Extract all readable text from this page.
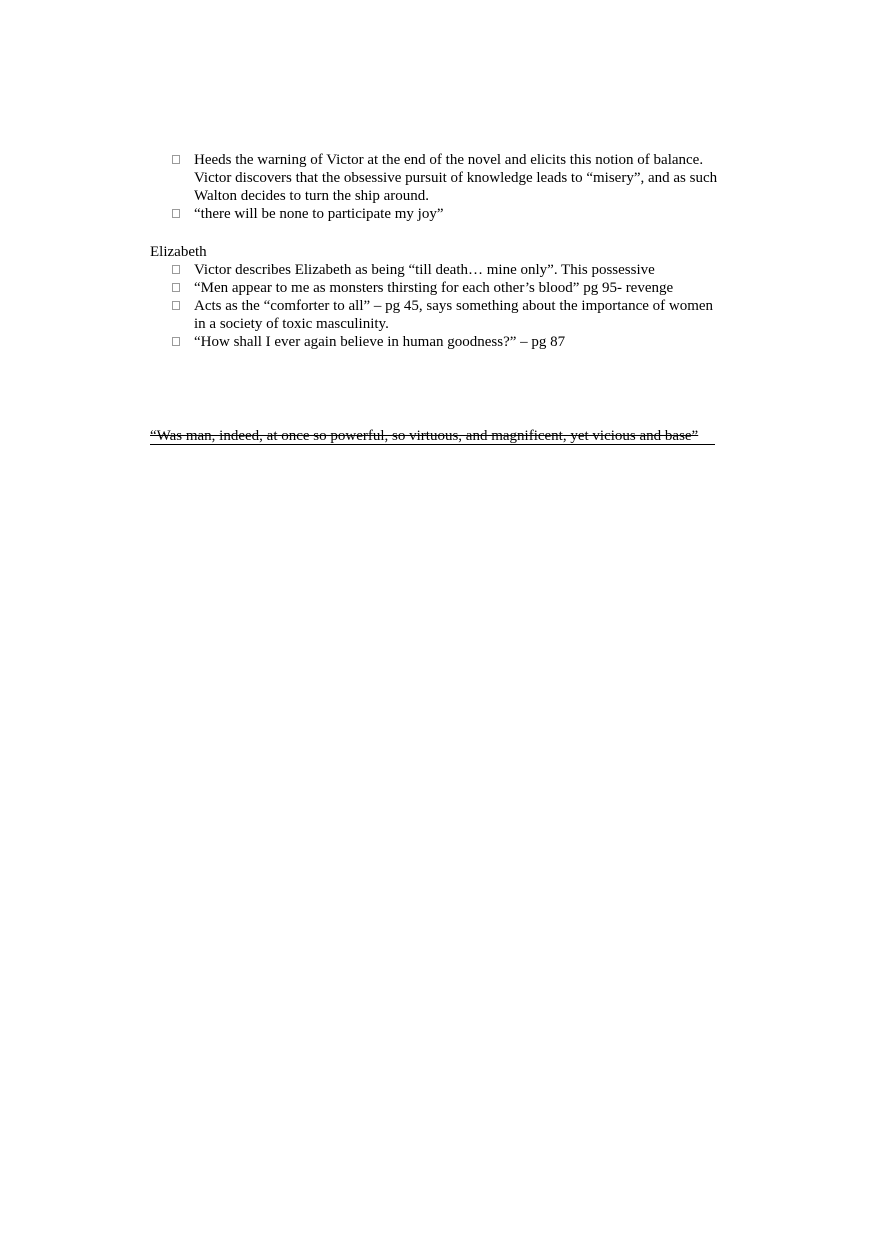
Heeds the warning of Victor at the end of the novel and elicits this notion of balance. Victor discovers that the obsessive pursuit of knowledge leads to “misery”, and as such Walton decides to turn the ship around.
“there will be none to participate my joy”
Elizabeth
Victor describes Elizabeth as being “till death… mine only”. This possessive
“Men appear to me as monsters thirsting for each other’s blood” pg 95- revenge
Acts as the “comforter to all” – pg 45, says something about the importance of women in a society of toxic masculinity.
“How shall I ever again believe in human goodness?” – pg 87
“Was man, indeed, at once so powerful, so virtuous, and magnificent, yet vicious and base”
